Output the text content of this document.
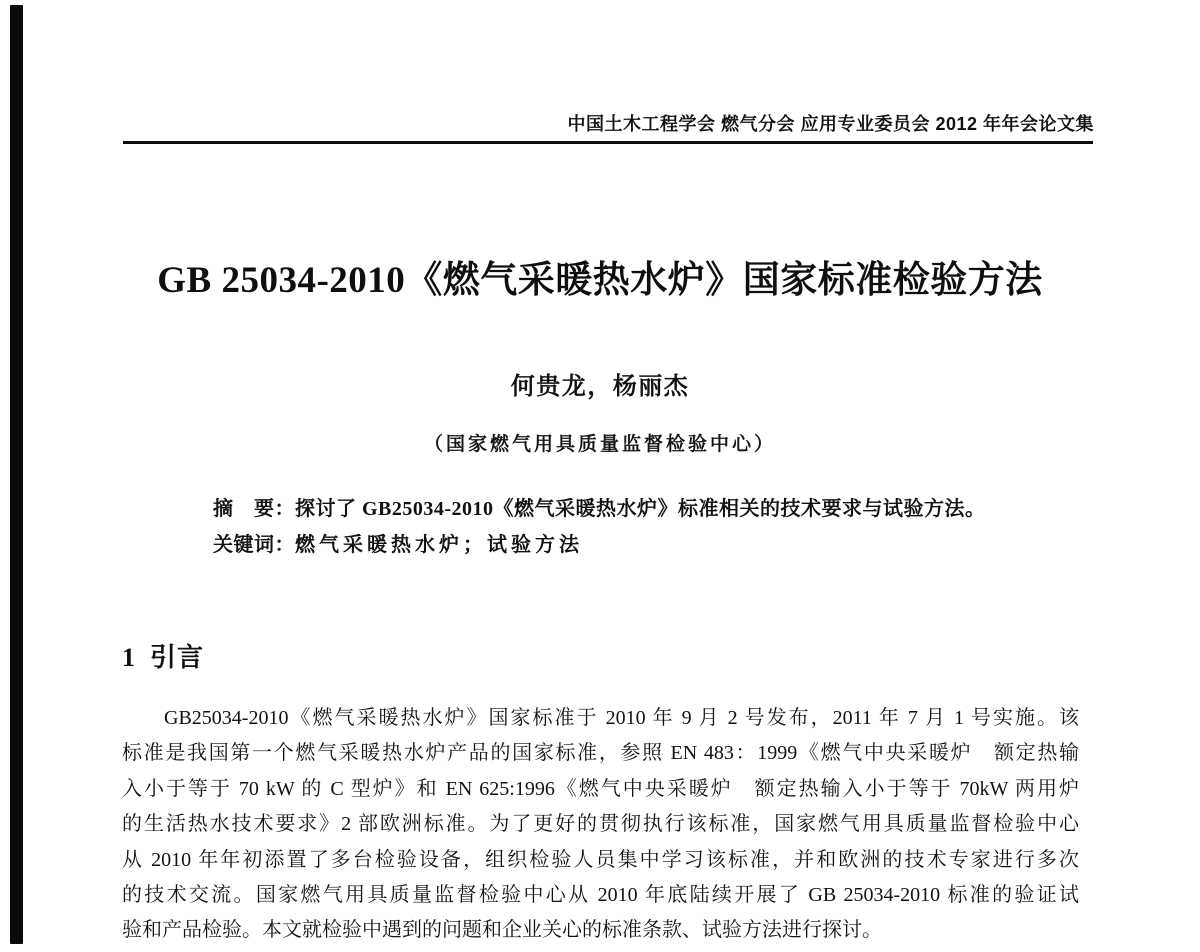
中国土木工程学会 燃气分会 应用专业委员会 2012 年年会论文集
GB 25034-2010《燃气采暖热水炉》国家标准检验方法
何贵龙，杨丽杰
（国家燃气用具质量监督检验中心）
摘　要：探讨了 GB25034-2010《燃气采暖热水炉》标准相关的技术要求与试验方法。
关键词：燃气采暖热水炉；试验方法
1 引言
GB25034-2010《燃气采暖热水炉》国家标准于 2010 年 9 月 2 号发布，2011 年 7 月 1 号实施。该
标准是我国第一个燃气采暖热水炉产品的国家标准，参照 EN 483：1999《燃气中央采暖炉　额定热输
入小于等于 70 kW 的 C 型炉》和 EN 625:1996《燃气中央采暖炉　额定热输入小于等于 70kW 两用炉
的生活热水技术要求》2 部欧洲标准。为了更好的贯彻执行该标准，国家燃气用具质量监督检验中心
从 2010 年年初添置了多台检验设备，组织检验人员集中学习该标准，并和欧洲的技术专家进行多次
的技术交流。国家燃气用具质量监督检验中心从 2010 年底陆续开展了 GB 25034-2010 标准的验证试
验和产品检验。本文就检验中遇到的问题和企业关心的标准条款、试验方法进行探讨。
